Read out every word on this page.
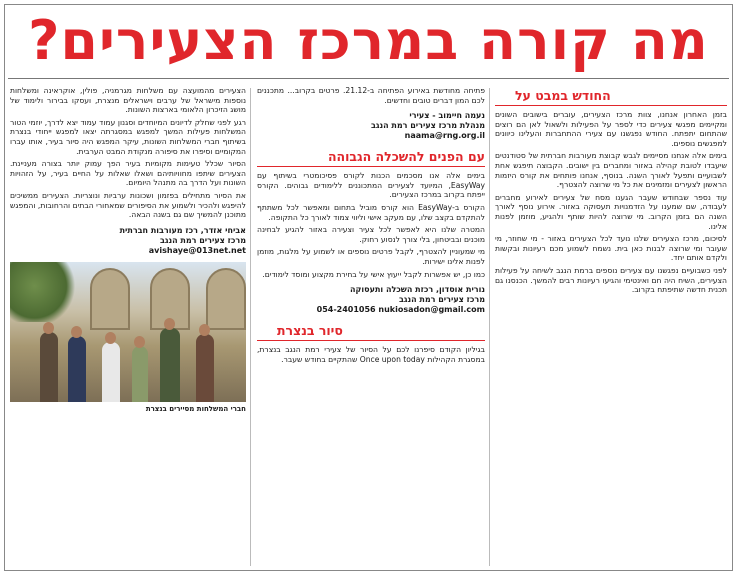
מה קורה במרכז הצעירים?
החודש במבט על

בזמן האחרון אנחנו, צוות מרכז הצעירים, עוברים בישובים השונים ומקיימים מפגשי צעירים כדי לספר על הפעילות ולשאול לאן הם רוצים שהתחום יתפתח. החודש נפגשנו עם צעירי ההתחברות והעלינו כיוונים למפגשים נוספים.

בימים אלה אנחנו מסיימים לגבש קבוצת מעורבות חברתית של סטודנטים שיעבדו לטובת קהילה באזור ומחברים בין ישובים. הקבוצה תיפגש אחת לשבועיים ותפעל לאורך השנה. בנוסף, אנחנו פותחים את קורס היזמות הראשון לצעירים ומזמינים את כל מי שרוצה להצטרף.

עוד נספר שבחודש שעבר הגענו מסח של צעירים לאירוע מחברים לעבודה, שם שמענו על הזדמנויות תעסוקה באזור. אירוע נוסף לאורך השנה הם בזמן הקרוב. מי שרוצה להיות שותף ולהגיע, מוזמן לפנות אלינו.

לסיכום, מרכז הצעירים שלנו נועד לכל הצעירים באזור - מי שחוזר, מי שעובר ומי שרוצה לבנות כאן בית. נשמח לשמוע מכם רעיונות ובקשות ולקדם אותם יחד.

לפני כשבועיים נפגשנו עם צעירים נוספים ברמת הנגב לשיחה על פעילות הצעירים, השיח היה חם ואינטימי והגיעו רעיונות רבים להמשך. הכנסנו גם תכנית חדשה שתיפתח בקרוב.

פתיחה מחודשת באירוע הפתיחה ב-21.12. פרטים בקרוב... מתכננים לכם המון דברים טובים וחדשים.

נעמה חיימוב - צעירי
מנהלת מרכז צעירים רמת הנגב
naama@rng.org.il
עם הפנים להשכלה הגבוהה

בימים אלה אנו מסכמים הכנות לקורס פסיכומטרי בשיתוף עם EasyWay, המיועד לצעירים המתכוננים ללימודים גבוהים. הקורס ייפתח בקרוב במרכז הצעירים.

הקורס ב-EasyWay הוא קורס מוביל בתחום ומאפשר לכל משתתף להתקדם בקצב שלו, עם מעקב אישי וליווי צמוד לאורך כל התקופה.

המטרה שלנו היא לאפשר לכל צעיר וצעירה באזור להגיע לבחינה מוכנים ובביטחון, בלי צורך לנסוע רחוק.

מי שמעוניין להצטרף, לקבל פרטים נוספים או לשמוע על מלגות, מוזמן לפנות אלינו ישירות.

כמו כן, יש אפשרות לקבל ייעוץ אישי על בחירת מקצוע ומוסד לימודים.

נורית אוסדון, רכזת השכלה ותעסוקה
מרכז צעירים רמת הנגב
054-2401056 nukiosadon@gmail.com
סיור בנצרת

בגיליון הקודם סיפרנו לכם על הסיור של צעירי רמת הנגב בנצרת, במסגרת הקהילות Once upon today שהתקיים בחודש שעבר.

הצעירים מהמועצה עם משלחות מגרמניה, פולין, אוקראינה ומשלחות נוספות מישראל של ערבים וישראלים מנצרת, ועסקו בבירור ולימוד של מושג הזיכרון הלאומי בארצות השונות.

רגע לפני שחלק לדיונים המיוחדים וסגנון עמוד עמוד יצא לדרך, יוזמי הטור המשלחות פעילות המשך למפגש במסגרתה יצאו למפגש ייחודי בנצרת בשיתוף חברי המשלחות השונות, עיקר המפגש היה סיור בעיר, אותו עברו המקומיים וסיפרו את סיפורה מנקודת המבט הערבית.

הסיור שכלל טעימות מקומיות בעיר הפך עמוק יותר בצורה מעניינת. הצעירים שיתפו מחוויותיהם ושאלו שאלות על החיים בעיר, על הזהויות השונות ועל הדרך בה מתנהל היומיום.

את הסיור מתחילים בפזמון ושכונות ערביות ונוצריות. הצעירים ממשיכים להיפגש ולהכיר ולשמוע את הסיפורים שמאחורי הבתים והרחובות, והמפגש מתוכנן להמשיך שם גם בשנה הבאה.

אביחי אזדר, רכז מעורבות חברתית
מרכז צעירים רמת הנגב
avishaye@013net.net
חברי המשלחות מסיירים בנצרת
